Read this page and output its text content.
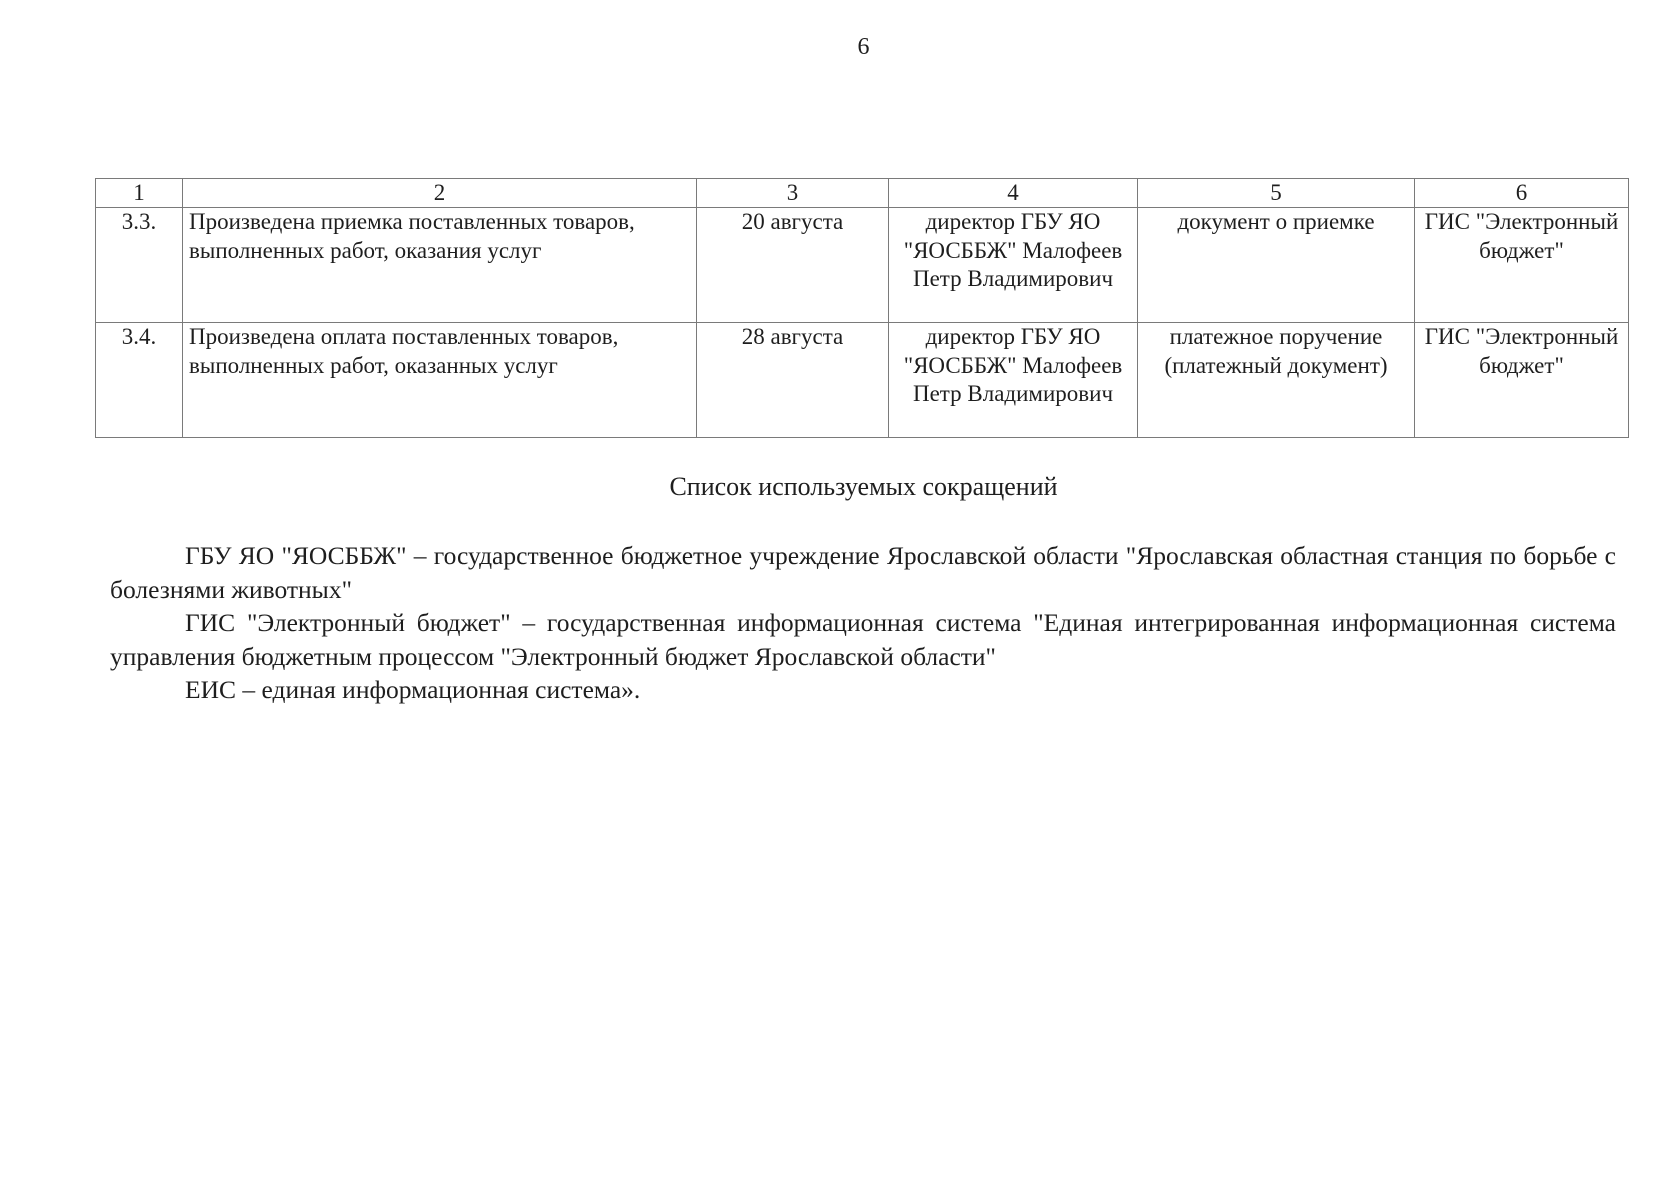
6
1	2	3	4	5	6
3.3.	Произведена приемка поставленных товаров, выполненных работ, оказания услуг	20 августа	директор ГБУ ЯО "ЯОСББЖ" Малофеев Петр Владимирович	документ о приемке	ГИС "Электронный бюджет"
3.4.	Произведена оплата поставленных товаров, выполненных работ, оказанных услуг	28 августа	директор ГБУ ЯО "ЯОСББЖ" Малофеев Петр Владимирович	платежное поручение (платежный документ)	ГИС "Электронный бюджет"
Список используемых сокращений

ГБУ ЯО "ЯОСББЖ" – государственное бюджетное учреждение Ярославской области "Ярославская областная станция по борьбе с болезнями животных"

ГИС "Электронный бюджет" – государственная информационная система "Единая интегрированная информационная система управления бюджетным процессом "Электронный бюджет Ярославской области"

ЕИС – единая информационная система».
